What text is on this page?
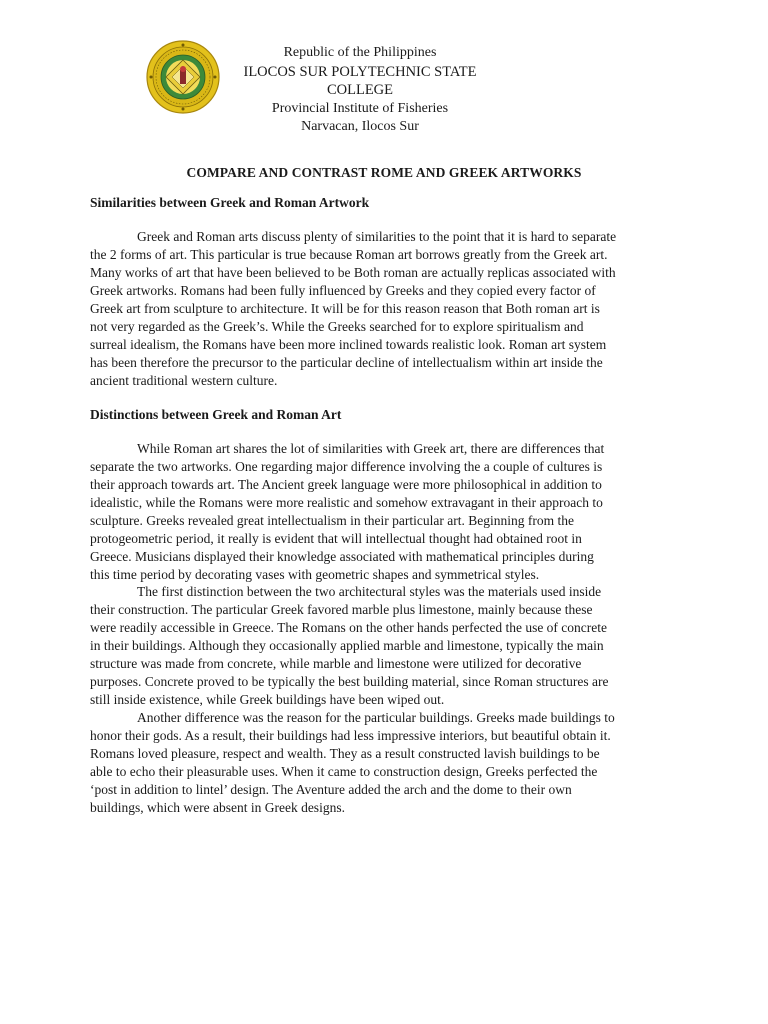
Republic of the Philippines
ILOCOS SUR POLYTECHNIC STATE COLLEGE
Provincial Institute of Fisheries
Narvacan, Ilocos Sur
COMPARE AND CONTRAST ROME AND GREEK ARTWORKS
Similarities between Greek and Roman Artwork
Greek and Roman arts discuss plenty of similarities to the point that it is hard to separate
the 2 forms of art. This particular is true because Roman art borrows greatly from the Greek art.
Many works of art that have been believed to be Both roman are actually replicas associated with
Greek artworks. Romans had been fully influenced by Greeks and they copied every factor of
Greek art from sculpture to architecture. It will be for this reason reason that Both roman art is
not very regarded as the Greek’s. While the Greeks searched for to explore spiritualism and
surreal idealism, the Romans have been more inclined towards realistic look. Roman art system
has been therefore the precursor to the particular decline of intellectualism within art inside the
ancient traditional western culture.
Distinctions between Greek and Roman Art
While Roman art shares the lot of similarities with Greek art, there are differences that
separate the two artworks. One regarding major difference involving the a couple of cultures is
their approach towards art. The Ancient greek language were more philosophical in addition to
idealistic, while the Romans were more realistic and somehow extravagant in their approach to
sculpture. Greeks revealed great intellectualism in their particular art. Beginning from the
protogeometric period, it really is evident that will intellectual thought had obtained root in
Greece. Musicians displayed their knowledge associated with mathematical principles during
this time period by decorating vases with geometric shapes and symmetrical styles.
The first distinction between the two architectural styles was the materials used inside
their construction. The particular Greek favored marble plus limestone, mainly because these
were readily accessible in Greece. The Romans on the other hands perfected the use of concrete
in their buildings. Although they occasionally applied marble and limestone, typically the main
structure was made from concrete, while marble and limestone were utilized for decorative
purposes. Concrete proved to be typically the best building material, since Roman structures are
still inside existence, while Greek buildings have been wiped out.
Another difference was the reason for the particular buildings. Greeks made buildings to
honor their gods. As a result, their buildings had less impressive interiors, but beautiful obtain it.
Romans loved pleasure, respect and wealth. They as a result constructed lavish buildings to be
able to echo their pleasurable uses. When it came to construction design, Greeks perfected the
‘post in addition to lintel’ design. The Aventure added the arch and the dome to their own
buildings, which were absent in Greek designs.
